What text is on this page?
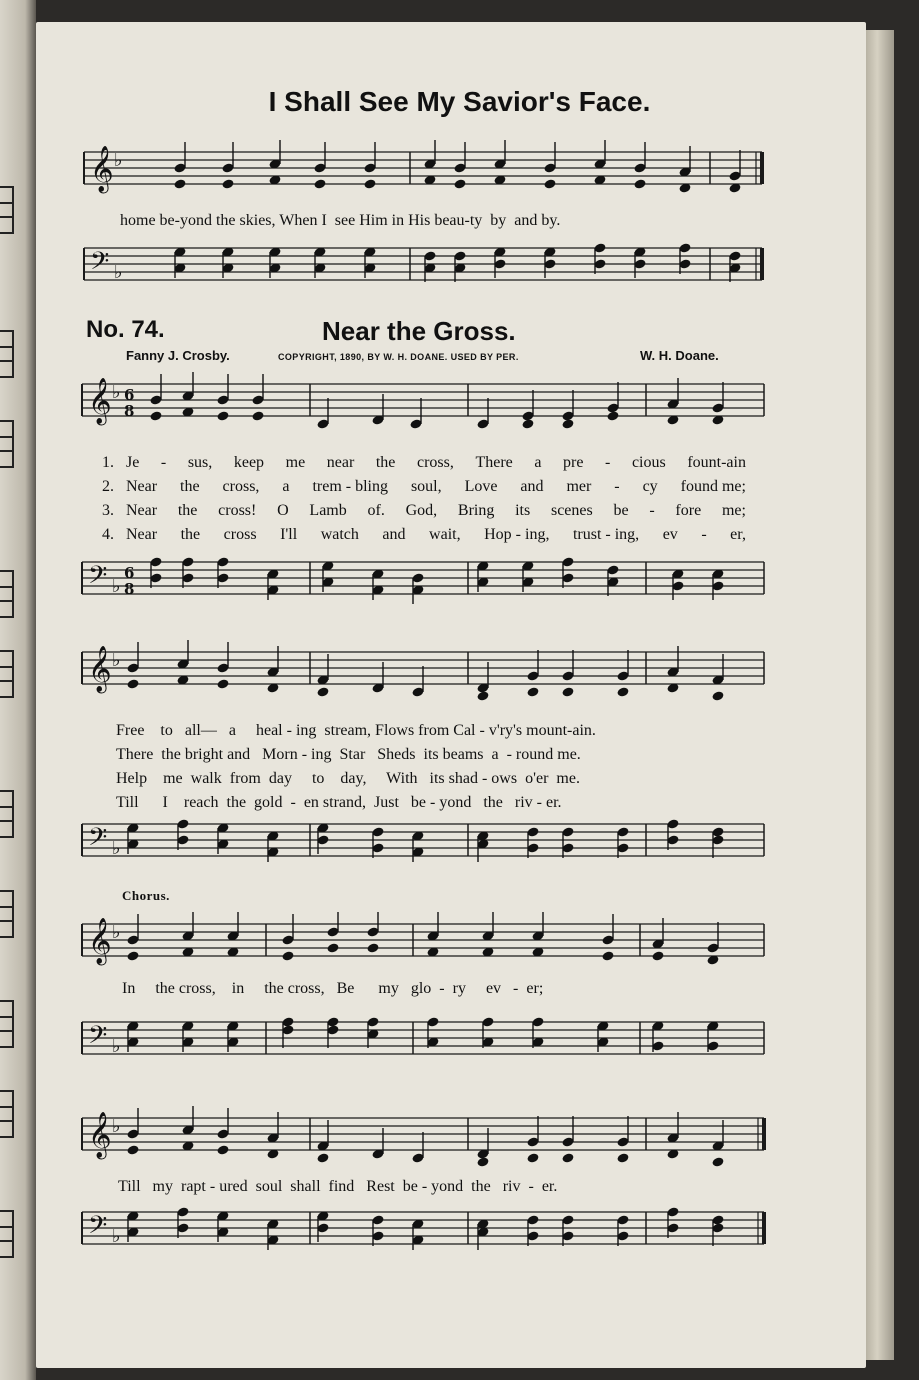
I Shall See My Savior's Face.
𝄞 ♭
home be-yond the skies, When I  see Him in His beau-ty  by  and by.
𝄢 ♭
No. 74.	Near the Gross.
Fanny J. Crosby.	COPYRIGHT, 1890, BY W. H. DOANE. USED BY PER.	W. H. Doane.
𝄞 ♭ 6
8
1. Je - sus, keep me near the cross, There a pre - cious fount-ain
2. Near the cross, a trem - bling soul, Love and mer - cy found me;
3. Near the cross! O Lamb of. God, Bring its scenes be - fore me;
4. Near the cross I'll watch and wait, Hop - ing, trust - ing, ev - er,
𝄢 ♭
6
8
𝄞 ♭
Free    to   all—   a     heal - ing  stream, Flows from Cal - v'ry's mount-ain.
There  the bright and   Morn - ing  Star   Sheds  its beams  a  - round me.
Help    me  walk  from  day     to    day,     With   its shad - ows  o'er  me.
Till      I    reach  the  gold  -  en strand,  Just   be - yond   the   riv - er.
𝄢 ♭
Chorus.
𝄞 ♭
In     the cross,    in     the cross,   Be      my   glo  -  ry     ev   -  er;
𝄢 ♭
𝄞 ♭
Till   my  rapt - ured  soul  shall  find   Rest  be - yond  the   riv  -  er.
𝄢 ♭
